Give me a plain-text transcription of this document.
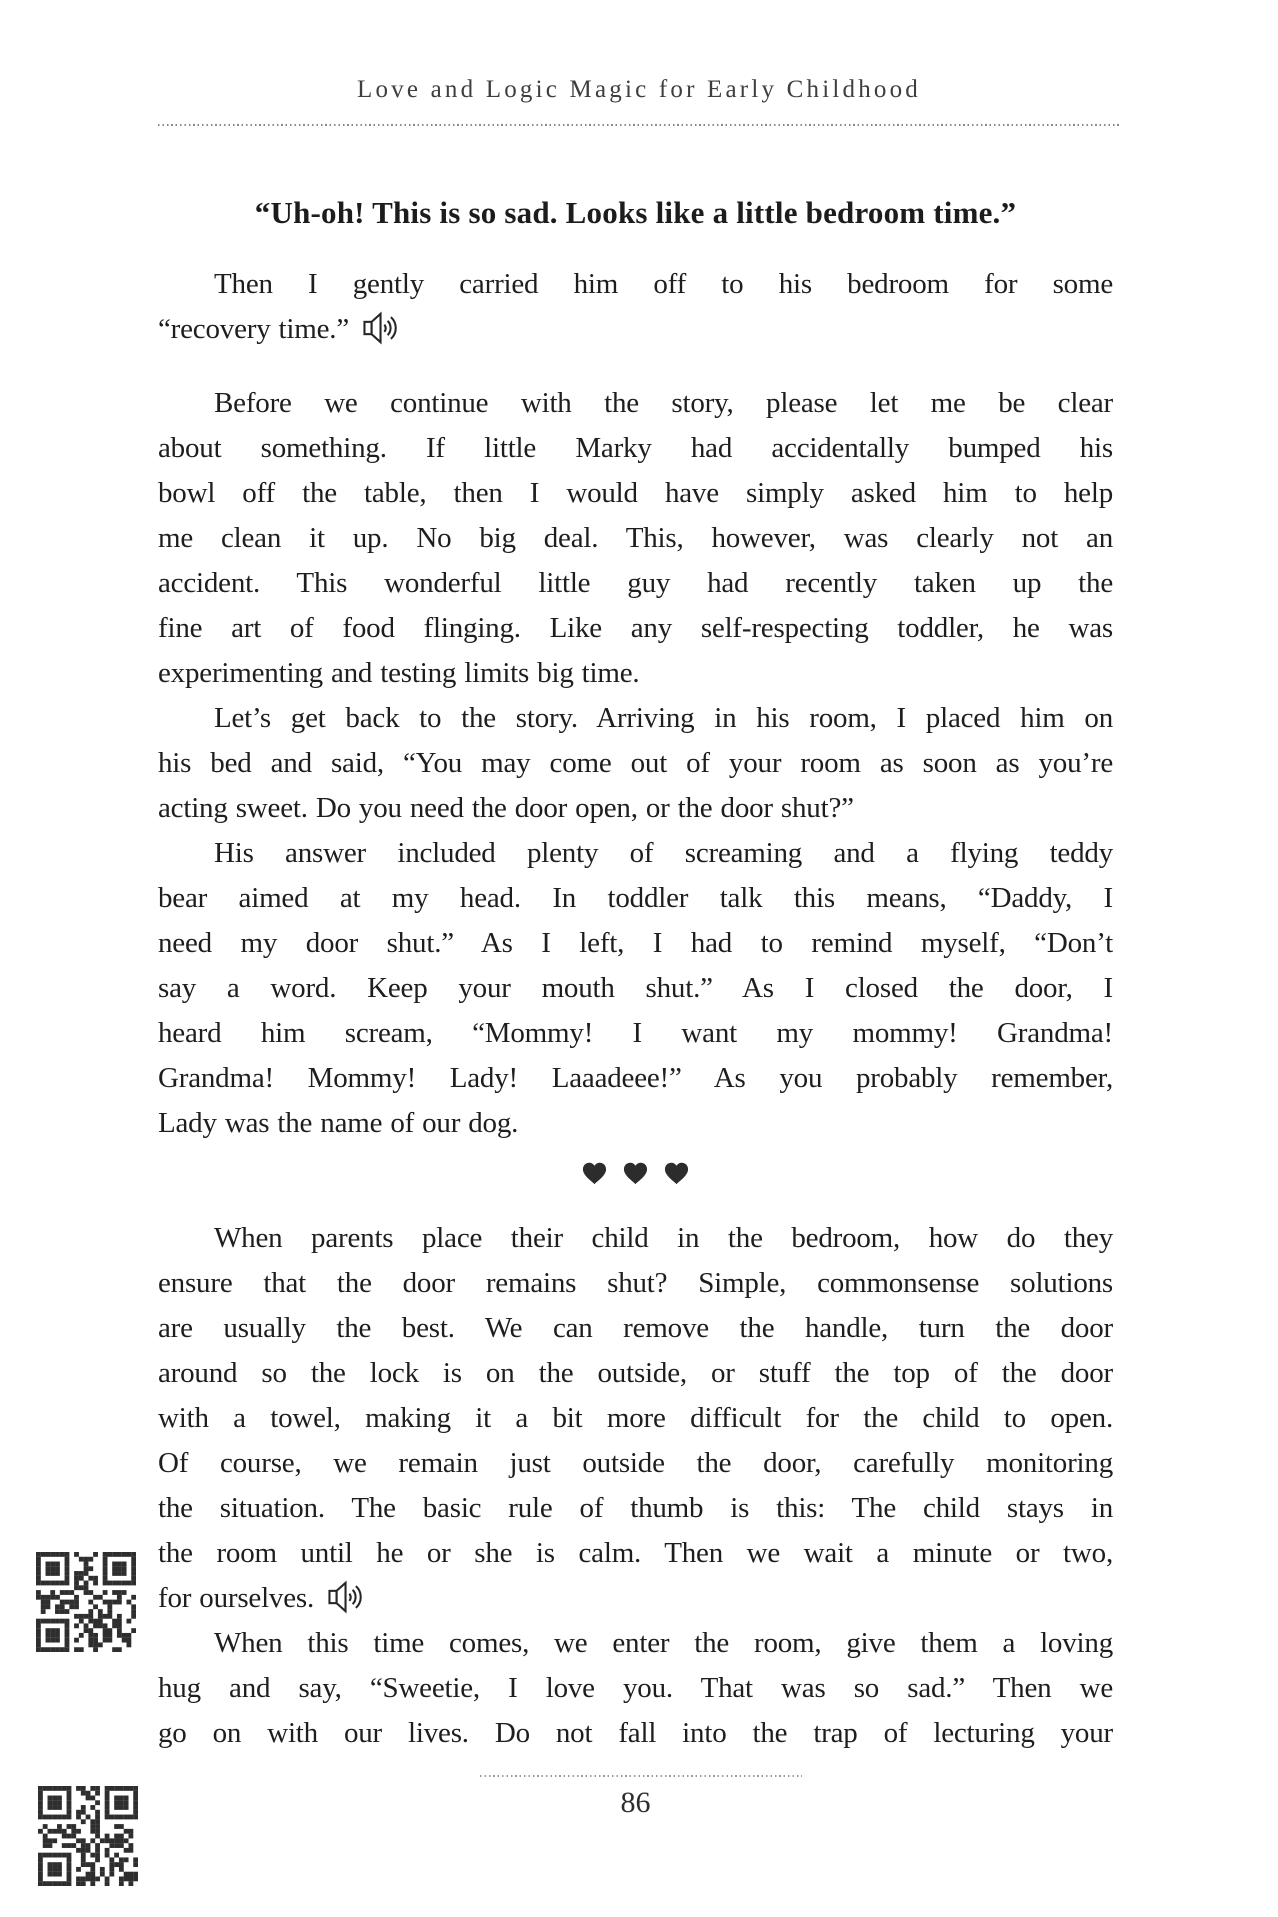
Love and Logic Magic for Early Childhood
“Uh-oh! This is so sad. Looks like a little bedroom time.”
Then I gently carried him off to his bedroom for some
“recovery time.”
Before we continue with the story, please let me be clear
about something. If little Marky had accidentally bumped his
bowl off the table, then I would have simply asked him to help
me clean it up. No big deal. This, however, was clearly not an
accident. This wonderful little guy had recently taken up the
fine art of food flinging. Like any self-respecting toddler, he was
experimenting and testing limits big time.
Let’s get back to the story. Arriving in his room, I placed him on
his bed and said, “You may come out of your room as soon as you’re
acting sweet. Do you need the door open, or the door shut?”
His answer included plenty of screaming and a flying teddy
bear aimed at my head. In toddler talk this means, “Daddy, I
need my door shut.” As I left, I had to remind myself, “Don’t
say a word. Keep your mouth shut.” As I closed the door, I
heard him scream, “Mommy! I want my mommy! Grandma!
Grandma! Mommy! Lady! Laaadeee!” As you probably remember,
Lady was the name of our dog.
When parents place their child in the bedroom, how do they
ensure that the door remains shut? Simple, commonsense solutions
are usually the best. We can remove the handle, turn the door
around so the lock is on the outside, or stuff the top of the door
with a towel, making it a bit more difficult for the child to open.
Of course, we remain just outside the door, carefully monitoring
the situation. The basic rule of thumb is this: The child stays in
the room until he or she is calm. Then we wait a minute or two,
for ourselves.
When this time comes, we enter the room, give them a loving
hug and say, “Sweetie, I love you. That was so sad.” Then we
go on with our lives. Do not fall into the trap of lecturing your
86
